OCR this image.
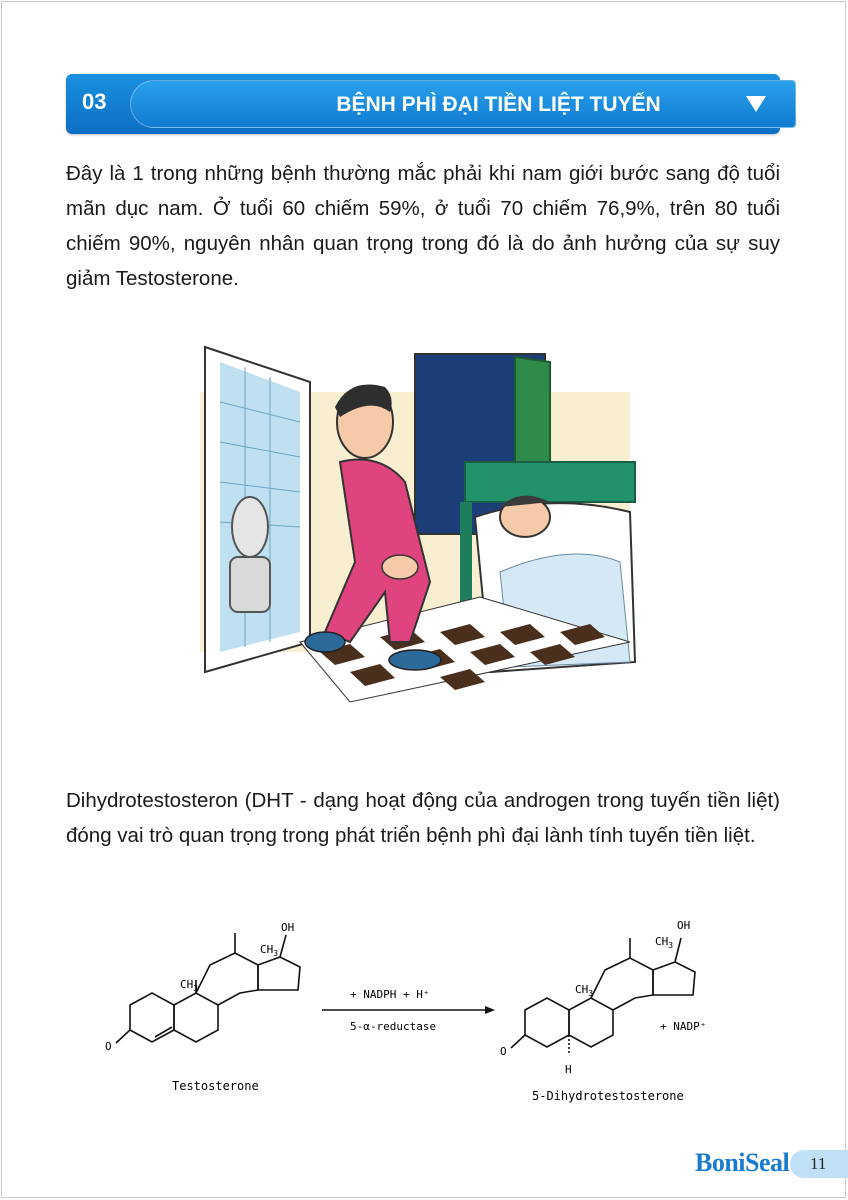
03	BỆNH PHÌ ĐẠI TIỀN LIỆT TUYẾN

Đây là 1 trong những bệnh thường mắc phải khi nam giới bước sang độ tuổi mãn dục nam. Ở tuổi 60 chiếm 59%, ở tuổi 70 chiếm 76,9%, trên 80 tuổi chiếm 90%, nguyên nhân quan trọng trong đó là do ảnh hưởng của sự suy giảm Testosterone.

Dihydrotestosteron (DHT - dạng hoạt động của androgen trong tuyến tiền liệt) đóng vai trò quan trọng trong phát triển bệnh phì đại lành tính tuyến tiền liệt.

$CH_3$
$CH_3$
OH
O
Testosterone
+ NADPH + H⁺
5-α-reductase
$CH_3$
$CH_3$
OH
O
H
+ NADP⁺
5-Dihydrotestosterone
BoniSeal 11
